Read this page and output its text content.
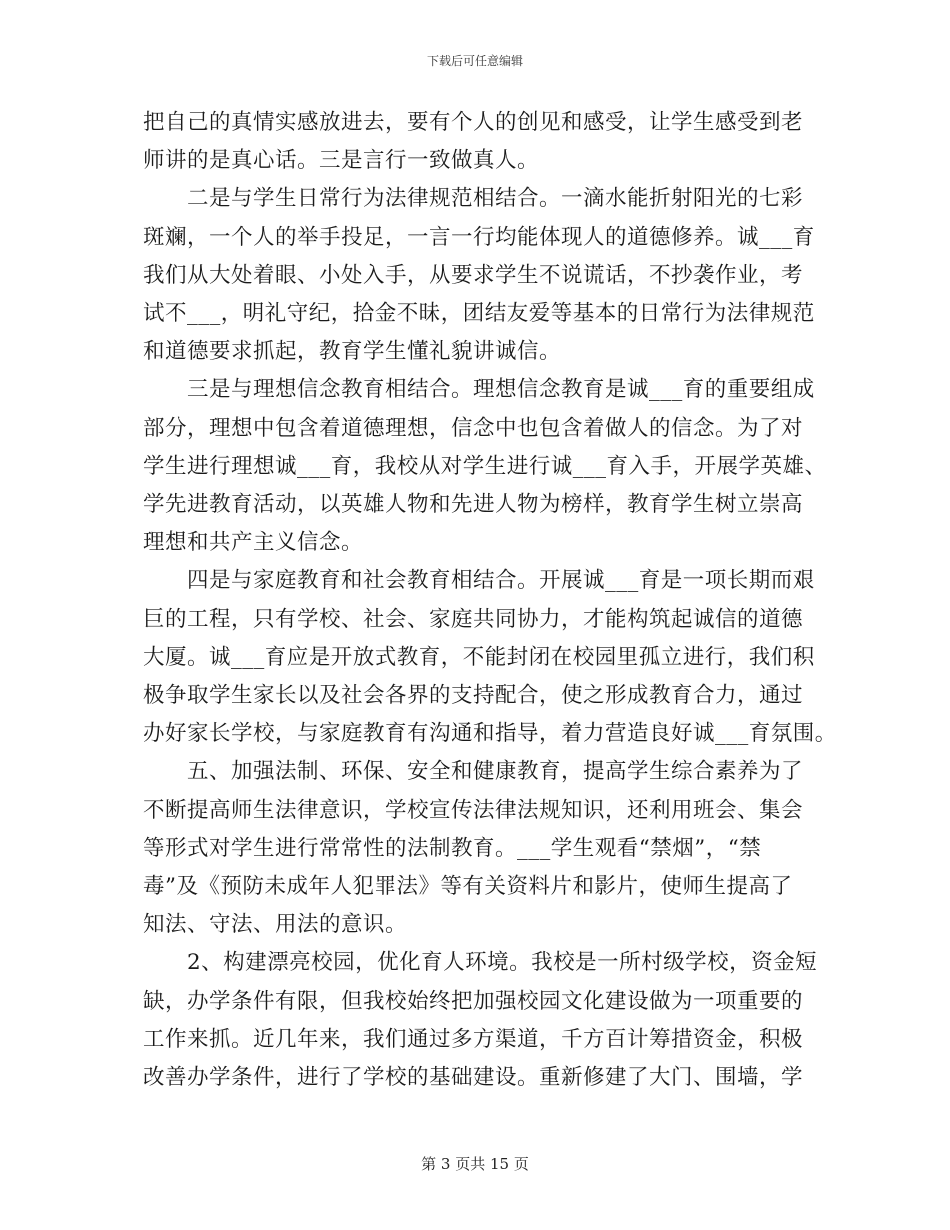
下载后可任意编辑

把自己的真情实感放进去，要有个人的创见和感受，让学生感受到老
师讲的是真心话。三是言行一致做真人。

二是与学生日常行为法律规范相结合。一滴水能折射阳光的七彩
斑斓，一个人的举手投足，一言一行均能体现人的道德修养。诚___育
我们从大处着眼、小处入手，从要求学生不说谎话，不抄袭作业，考
试不___，明礼守纪，拾金不昧，团结友爱等基本的日常行为法律规范
和道德要求抓起，教育学生懂礼貌讲诚信。

三是与理想信念教育相结合。理想信念教育是诚___育的重要组成
部分，理想中包含着道德理想，信念中也包含着做人的信念。为了对
学生进行理想诚___育，我校从对学生进行诚___育入手，开展学英雄、
学先进教育活动，以英雄人物和先进人物为榜样，教育学生树立崇高
理想和共产主义信念。

四是与家庭教育和社会教育相结合。开展诚___育是一项长期而艰
巨的工程，只有学校、社会、家庭共同协力，才能构筑起诚信的道德
大厦。诚___育应是开放式教育，不能封闭在校园里孤立进行，我们积
极争取学生家长以及社会各界的支持配合，使之形成教育合力，通过
办好家长学校，与家庭教育有沟通和指导，着力营造良好诚___育氛围。

五、加强法制、环保、安全和健康教育，提高学生综合素养为了
不断提高师生法律意识，学校宣传法律法规知识，还利用班会、集会
等形式对学生进行常常性的法制教育。___学生观看“禁烟”，“禁
毒”及《预防未成年人犯罪法》等有关资料片和影片，使师生提高了
知法、守法、用法的意识。

2、构建漂亮校园，优化育人环境。我校是一所村级学校，资金短
缺，办学条件有限，但我校始终把加强校园文化建设做为一项重要的
工作来抓。近几年来，我们通过多方渠道，千方百计筹措资金，积极
改善办学条件，进行了学校的基础建设。重新修建了大门、围墙，学

第 3 页共 15 页
